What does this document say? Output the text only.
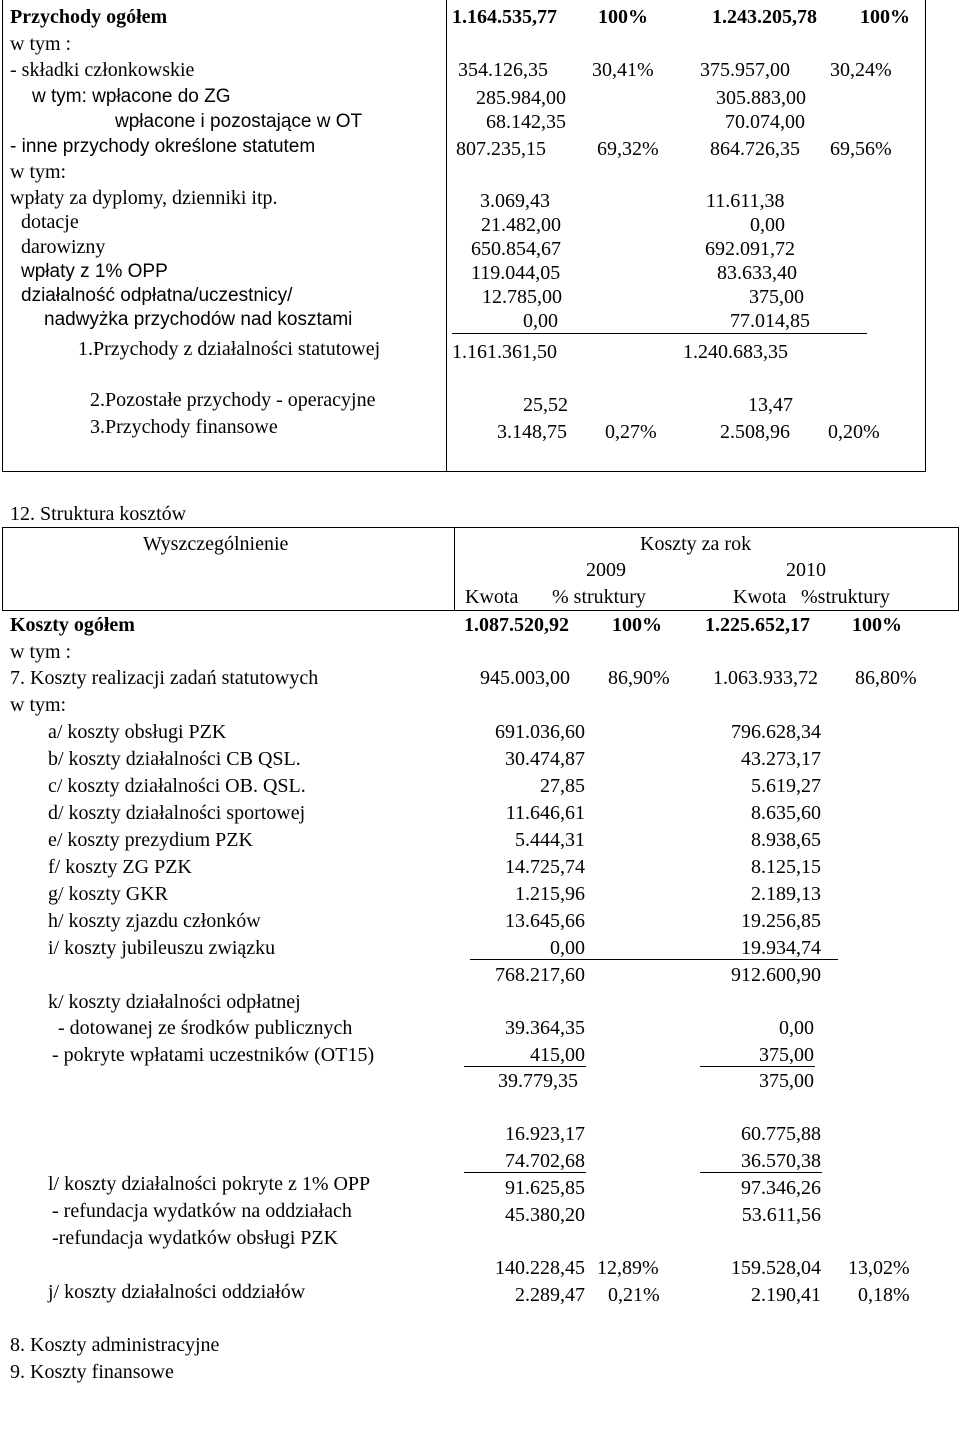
Przychody ogółem	1.164.535,77 100%	1.243.205,78 100%
w tym :
- składki członkowskie	354.126,35 30,41% 375.957,00 30,24%
w tym: wpłacone do ZG	285.984,00	305.883,00
wpłacone i pozostające w OT	68.142,35	70.074,00
- inne przychody określone statutem	807.235,15	69,32%	864.726,35 69,56%
w tym:
wpłaty za dyplomy, dzienniki itp.	3.069,43	11.611,38
dotacje	21.482,00	0,00
darowizny	650.854,67	692.091,72
wpłaty z 1% OPP	119.044,05	83.633,40
działalność odpłatna/uczestnicy/	12.785,00	375,00
nadwyżka przychodów nad kosztami	0,00	77.014,85
1.Przychody z działalności statutowej	1.161.361,50	1.240.683,35
2.Pozostałe przychody - operacyjne	25,52	13,47
3.Przychody finansowe	3.148,75 0,27%	2.508,96 0,20%
12. Struktura kosztów
Wyszczególnienie	Koszty za rok
2009	2010
Kwota % struktury	Kwota %struktury
Koszty ogółem	1.087.520,92 100% 1.225.652,17 100%
w tym :
7. Koszty realizacji zadań statutowych	945.003,00 86,90% 1.063.933,72 86,80%
w tym:
a/ koszty obsługi PZK	691.036,60	796.628,34
b/ koszty działalności CB QSL.	30.474,87	43.273,17
c/ koszty działalności OB. QSL.	27,85	5.619,27
d/ koszty działalności sportowej	11.646,61	8.635,60
e/ koszty prezydium PZK	5.444,31	8.938,65
f/ koszty ZG PZK	14.725,74	8.125,15
g/ koszty GKR	1.215,96	2.189,13
h/ koszty zjazdu członków	13.645,66	19.256,85
i/ koszty jubileuszu związku	0,00	19.934,74
768.217,60	912.600,90
k/ koszty działalności odpłatnej
- dotowanej ze środków publicznych	39.364,35	0,00
- pokryte wpłatami uczestników (OT15)	415,00	375,00
39.779,35	375,00
16.923,17	60.775,88
74.702,68	36.570,38
l/ koszty działalności pokryte z 1% OPP	91.625,85	97.346,26
- refundacja wydatków na oddziałach	45.380,20	53.611,56
-refundacja wydatków obsługi PZK
140.228,45 12,89%	159.528,04 13,02%
j/ koszty działalności oddziałów	2.289,47 0,21%	2.190,41 0,18%
8. Koszty administracyjne
9. Koszty finansowe
